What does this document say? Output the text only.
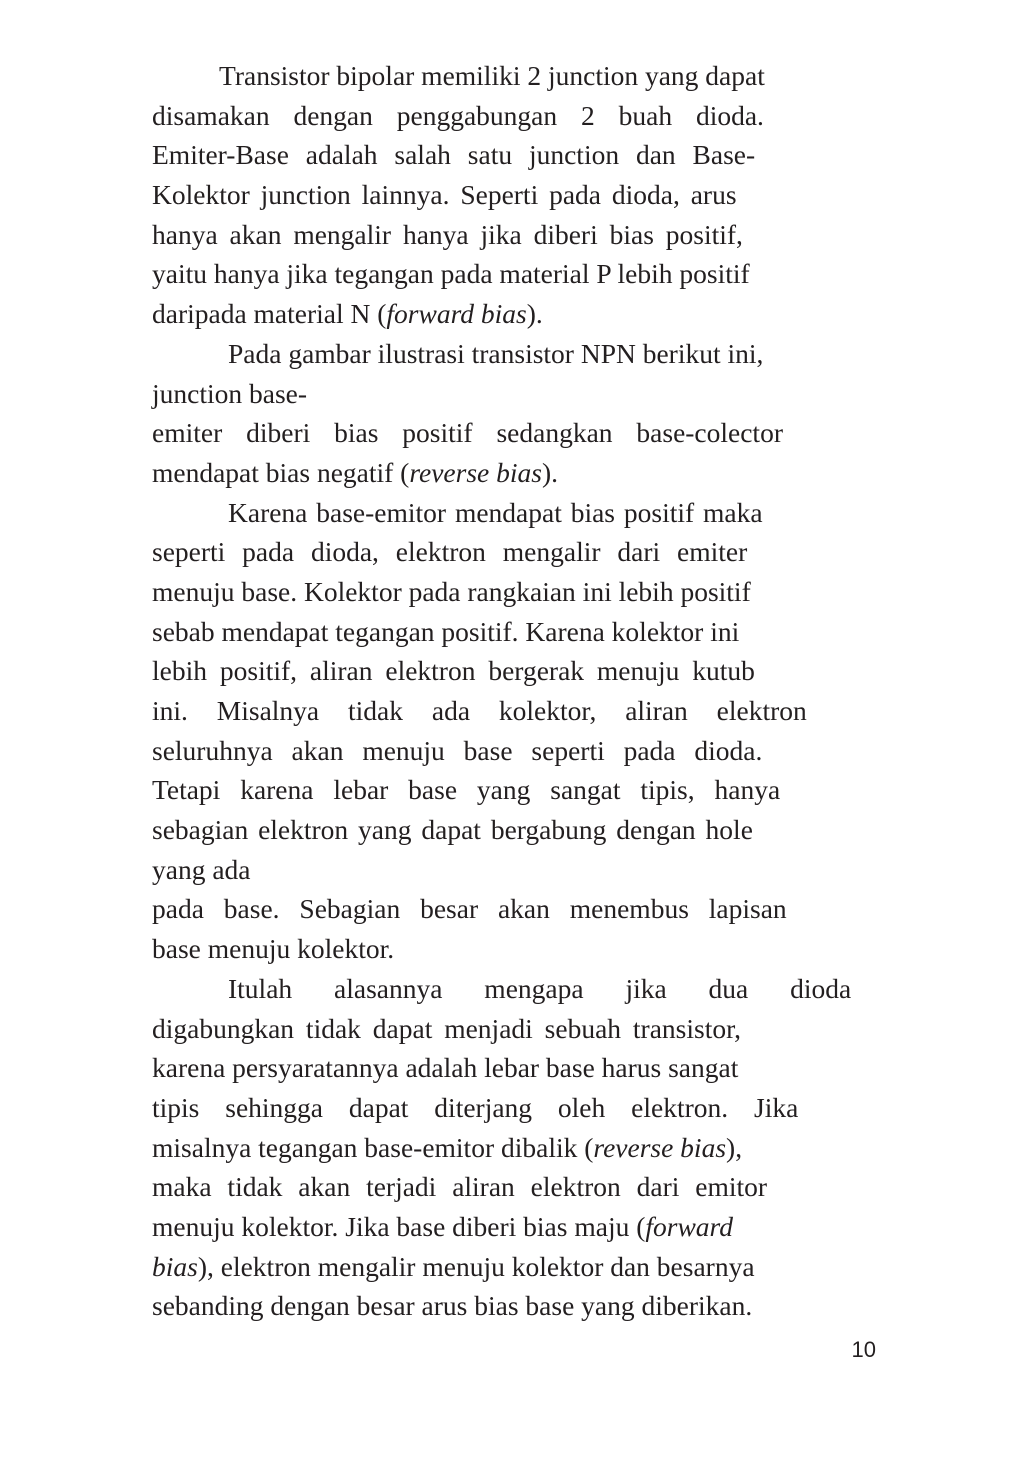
Transistor bipolar memiliki 2 junction yang dapat
disamakan dengan penggabungan 2 buah dioda.
Emiter-Base adalah salah satu junction dan Base-
Kolektor junction lainnya. Seperti pada dioda, arus
hanya akan mengalir hanya jika diberi bias positif,
yaitu hanya jika tegangan pada material P lebih positif
daripada material N (forward bias).
Pada gambar ilustrasi transistor NPN berikut ini,
junction base-
emiter diberi bias positif sedangkan base-colector
mendapat bias negatif (reverse bias).
Karena base-emitor mendapat bias positif maka
seperti pada dioda, elektron mengalir dari emiter
menuju base. Kolektor pada rangkaian ini lebih positif
sebab mendapat tegangan positif. Karena kolektor ini
lebih positif, aliran elektron bergerak menuju kutub
ini. Misalnya tidak ada kolektor, aliran elektron
seluruhnya akan menuju base seperti pada dioda.
Tetapi karena lebar base yang sangat tipis, hanya
sebagian elektron yang dapat bergabung dengan hole
yang ada
pada base. Sebagian besar akan menembus lapisan
base menuju kolektor.
Itulah alasannya mengapa jika dua dioda
digabungkan tidak dapat menjadi sebuah transistor,
karena persyaratannya adalah lebar base harus sangat
tipis sehingga dapat diterjang oleh elektron. Jika
misalnya tegangan base-emitor dibalik (reverse bias),
maka tidak akan terjadi aliran elektron dari emitor
menuju kolektor. Jika base diberi bias maju (forward
bias), elektron mengalir menuju kolektor dan besarnya
sebanding dengan besar arus bias base yang diberikan.
10
